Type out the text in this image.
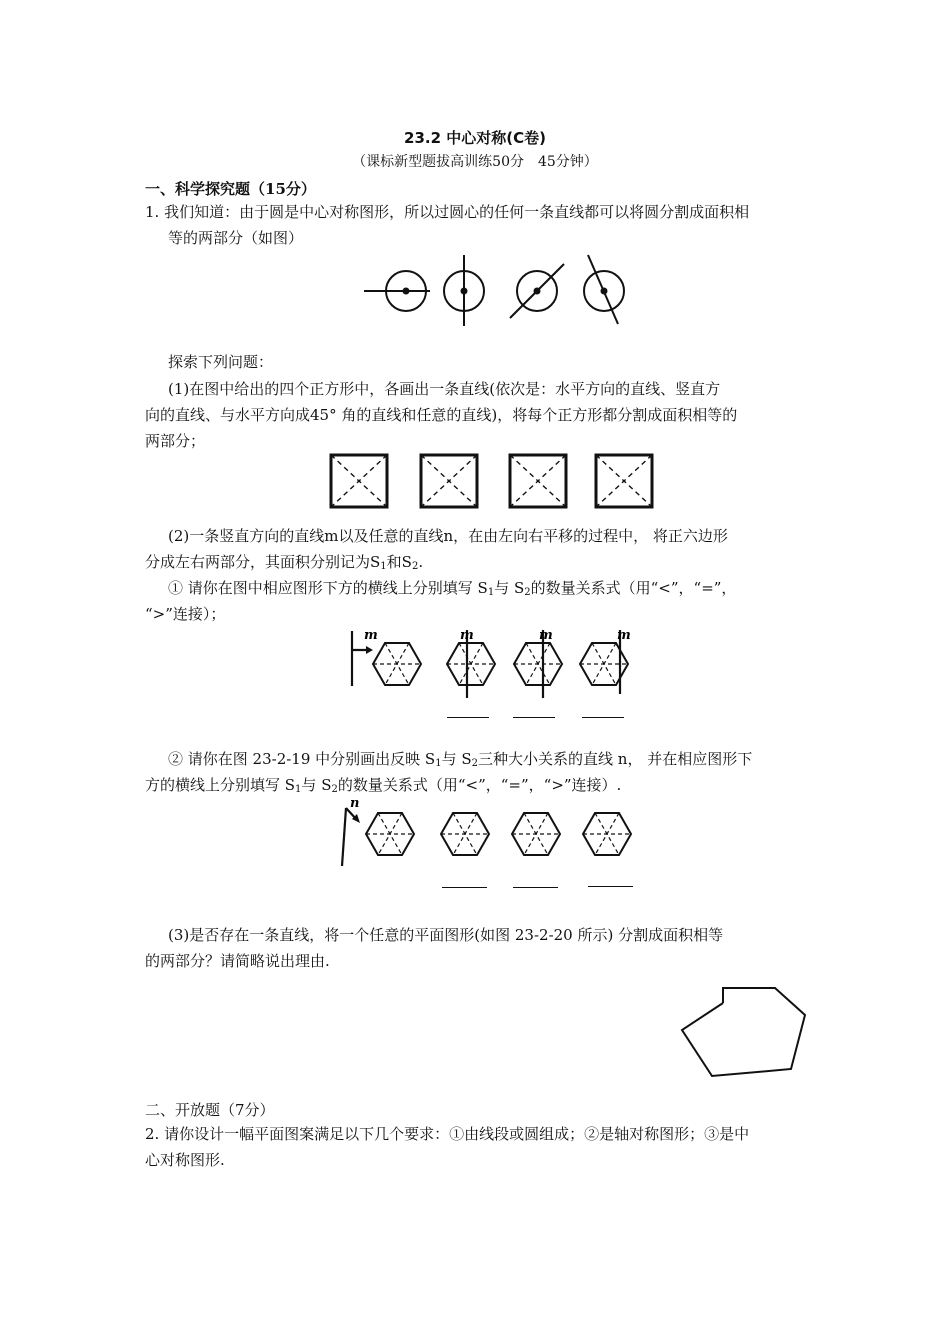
23.2 中心对称(C卷)
（课标新型题拔高训练50分　45分钟）
一、科学探究题（15分）
1. 我们知道：由于圆是中心对称图形，所以过圆心的任何一条直线都可以将圆分割成面积相
等的两部分（如图）
探索下列问题：
(1)在图中给出的四个正方形中，各画出一条直线(依次是：水平方向的直线、竖直方
向的直线、与水平方向成45° 角的直线和任意的直线)，将每个正方形都分割成面积相等的
两部分；
(2)一条竖直方向的直线m以及任意的直线n，在由左向右平移的过程中， 将正六边形
分成左右两部分，其面积分别记为$S_1$和$S_2$.
① 请你在图中相应图形下方的横线上分别填写 $S_1$与 $S_2$的数量关系式（用“<”，“=”，
“>”连接）；
m	m	m	m
② 请你在图 23-2-19 中分别画出反映 $S_1$与 $S_2$三种大小关系的直线 n， 并在相应图形下
方的横线上分别填写 $S_1$与 $S_2$的数量关系式（用“<”，“=”，“>”连接）.
n
(3)是否存在一条直线，将一个任意的平面图形(如图 23-2-20 所示) 分割成面积相等
的两部分？请简略说出理由.
二、开放题（7分）
2. 请你设计一幅平面图案满足以下几个要求：①由线段或圆组成；②是轴对称图形；③是中
心对称图形.
